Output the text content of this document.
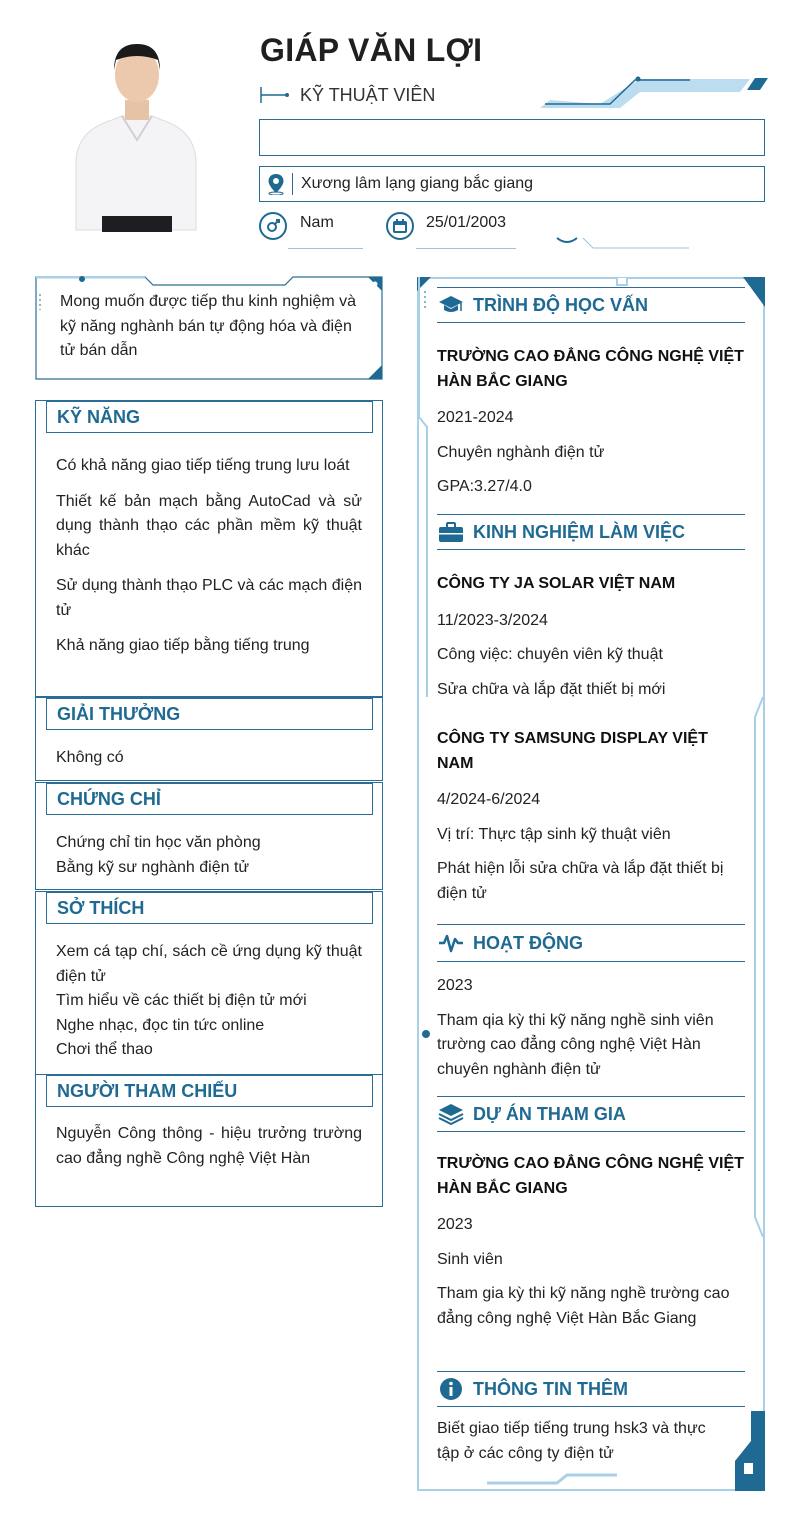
GIÁP VĂN LỢI
KỸ THUẬT VIÊN
Xương lâm lạng giang bắc giang
Nam	25/01/2003
Mong muốn được tiếp thu kinh nghiệm và kỹ năng nghành bán tự động hóa và điện tử bán dẫn
KỸ NĂNG
Có khả năng giao tiếp tiếng trung lưu loát
Thiết kế bản mạch bằng AutoCad và sử dụng thành thạo các phần mềm kỹ thuật khác
Sử dụng thành thạo PLC và các mạch điện tử
Khả năng giao tiếp bằng tiếng trung
GIẢI THƯỞNG
Không có
CHỨNG CHỈ
Chứng chỉ tin học văn phòng
Bằng kỹ sư nghành điện tử
SỞ THÍCH
Xem cá tạp chí, sách cề ứng dụng kỹ thuật điện tử
Tìm hiểu về các thiết bị điện tử mới
Nghe nhạc, đọc tin tức online
Chơi thể thao
NGƯỜI THAM CHIẾU
Nguyễn Công thông - hiệu trưởng trường cao đẳng nghề Công nghệ Việt Hàn
TRÌNH ĐỘ HỌC VẤN
TRƯỜNG CAO ĐẲNG CÔNG NGHỆ VIỆT HÀN BẮC GIANG
2021-2024
Chuyên nghành điện tử
GPA:3.27/4.0
KINH NGHIỆM LÀM VIỆC
CÔNG TY JA SOLAR VIỆT NAM
11/2023-3/2024
Công việc: chuyên viên kỹ thuật
Sửa chữa và lắp đặt thiết bị mới
CÔNG TY SAMSUNG DISPLAY VIỆT NAM
4/2024-6/2024
Vị trí: Thực tập sinh kỹ thuật viên
Phát hiện lỗi sửa chữa và lắp đặt thiết bị điện tử
HOẠT ĐỘNG
2023
Tham qia kỳ thi kỹ năng nghề sinh viên trường cao đẳng công nghệ Việt Hàn chuyên nghành điện tử
DỰ ÁN THAM GIA
TRƯỜNG CAO ĐẲNG CÔNG NGHỆ VIỆT HÀN BẮC GIANG
2023
Sinh viên
Tham gia kỳ thi kỹ năng nghề trường cao đẳng công nghệ Việt Hàn Bắc Giang
THÔNG TIN THÊM
Biết giao tiếp tiếng trung hsk3 và thực tập ở các công ty điện tử
